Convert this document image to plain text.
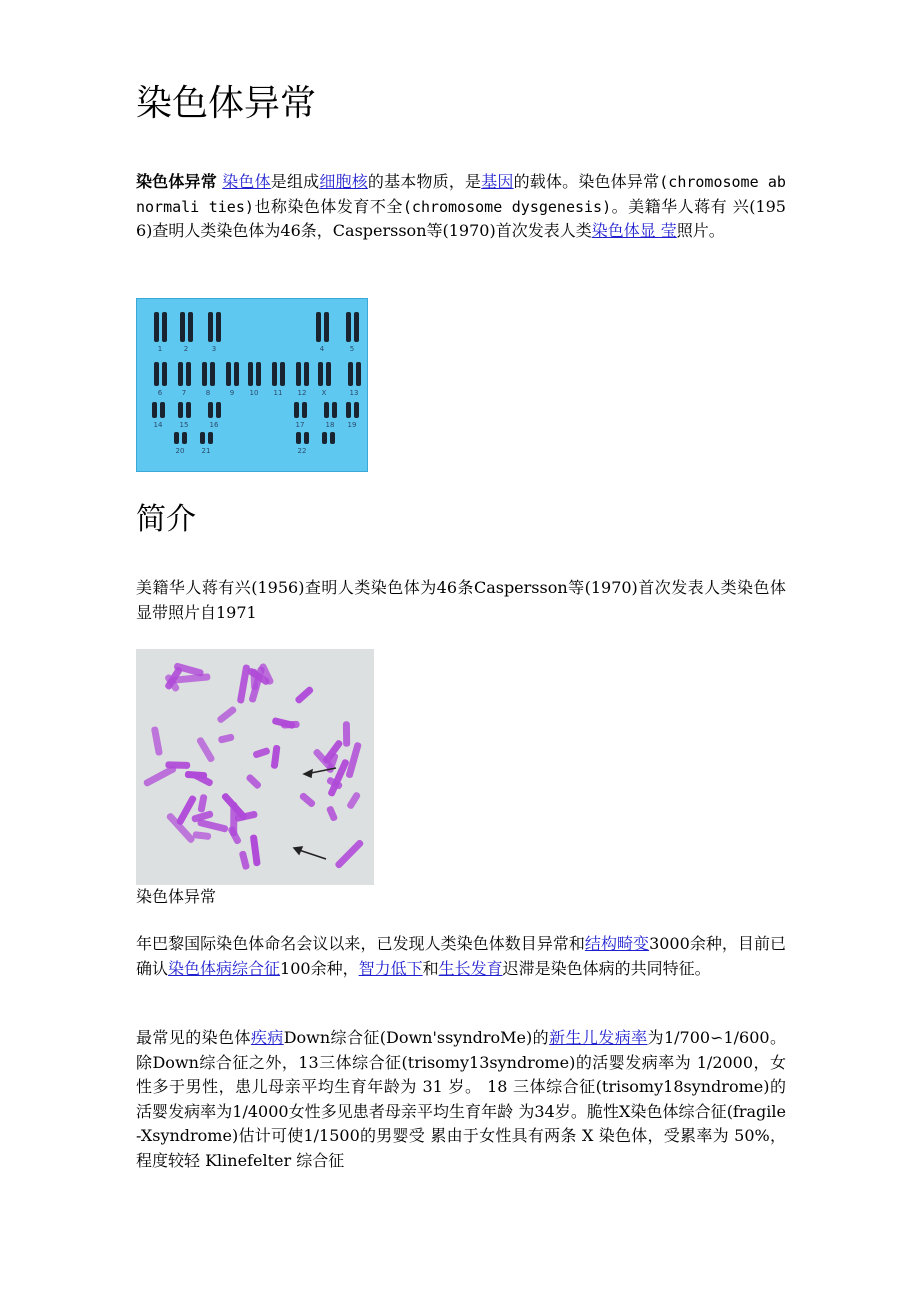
染色体异常

染色体异常 染色体是组成细胞核的基本物质，是基因的载体。染色体异常(chromosome abnormali ties)也称染色体发育不全(chromosome dysgenesis)。美籍华人蒋有 兴(1956)查明人类染色体为46条，Caspersson等(1970)首次发表人类染色体显 莹照片。

1	2	3	4	5
6	7	8	9 10 11 12 X	13
14 15	16	17	18 19
20 21	22
简介

美籍华人蒋有兴(1956)查明人类染色体为46条Caspersson等(1970)首次发表人类染色体显带照片自1971

染色体异常

年巴黎国际染色体命名会议以来，已发现人类染色体数目异常和结构畸变3000余种，目前已确认染色体病综合征100余种，智力低下和生长发育迟滞是染色体病的共同特征。

最常见的染色体疾病Down综合征(Down'ssyndroMe)的新生儿发病率为1/700∽1/600。除Down综合征之外，13三体综合征(trisomy13syndrome)的活婴发病率为 1/2000，女性多于男性，患儿母亲平均生育年龄为 31 岁。 18 三体综合征(trisomy18syndrome)的活婴发病率为1/4000女性多见患者母亲平均生育年龄 为34岁。脆性X染色体综合征(fragile-Xsyndrome)估计可使1/1500的男婴受 累由于女性具有两条 X 染色体，受累率为 50%，程度较轻 Klinefelter 综合征
